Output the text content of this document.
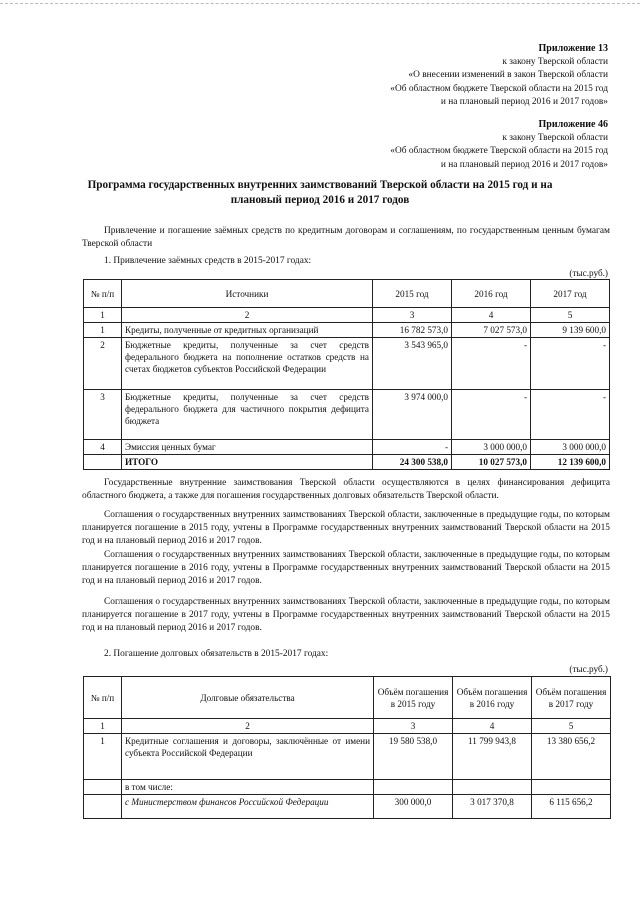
Приложение 13
к закону Тверской области
«О внесении изменений в закон Тверской области
«Об областном бюджете Тверской области на 2015 год
и на плановый период 2016 и 2017 годов»
Приложение 46
к закону Тверской области
«Об областном бюджете Тверской области на 2015 год
и на плановый период 2016 и 2017 годов»
Программа государственных внутренних заимствований Тверской области на 2015 год и на
плановый период 2016 и 2017 годов
Привлечение и погашение заёмных средств по кредитным договорам и соглашениям, по государственным ценным бумагам Тверской области
1. Привлечение заёмных средств в 2015-2017 годах:
(тыс.руб.)
№ п/п	Источники	2015 год	2016 год	2017 год
1	2	3	4	5
1	Кредиты, полученные от кредитных организаций	16 782 573,0	7 027 573,0	9 139 600,0
2	Бюджетные кредиты, полученные за счет средств федерального бюджета на пополнение остатков средств на счетах бюджетов субъектов Российской Федерации	3 543 965,0	-	-
3	Бюджетные кредиты, полученные за счет средств федерального бюджета для частичного покрытия дефицита бюджета	3 974 000,0	-	-
4	Эмиссия ценных бумаг	-	3 000 000,0	3 000 000,0
	ИТОГО	24 300 538,0	10 027 573,0	12 139 600,0
Государственные внутренние заимствования Тверской области осуществляются в целях финансирования дефицита областного бюджета, а также для погашения государственных долговых обязательств Тверской области.
Соглашения о государственных внутренних заимствованиях Тверской области, заключенные в предыдущие годы, по которым планируется погашение в 2015 году, учтены в Программе государственных внутренних заимствований Тверской области на 2015 год и на плановый период 2016 и 2017 годов.
Соглашения о государственных внутренних заимствованиях Тверской области, заключенные в предыдущие годы, по которым планируется погашение в 2016 году, учтены в Программе государственных внутренних заимствований Тверской области на 2015 год и на плановый период 2016 и 2017 годов.
Соглашения о государственных внутренних заимствованиях Тверской области, заключенные в предыдущие годы, по которым планируется погашение в 2017 году, учтены в Программе государственных внутренних заимствований Тверской области на 2015 год и на плановый период 2016 и 2017 годов.
2. Погашение долговых обязательств в 2015-2017 годах:
(тыс.руб.)
№ п/п	Долговые обязательства	Объём погашения в 2015 году	Объём погашения в 2016 году	Объём погашения в 2017 году
1	2	3	4	5
1	Кредитные соглашения и договоры, заключённые от имени субъекта Российской Федерации	19 580 538,0	11 799 943,8	13 380 656,2
	в том числе:			
	с Министерством финансов Российской Федерации	300 000,0	3 017 370,8	6 115 656,2
